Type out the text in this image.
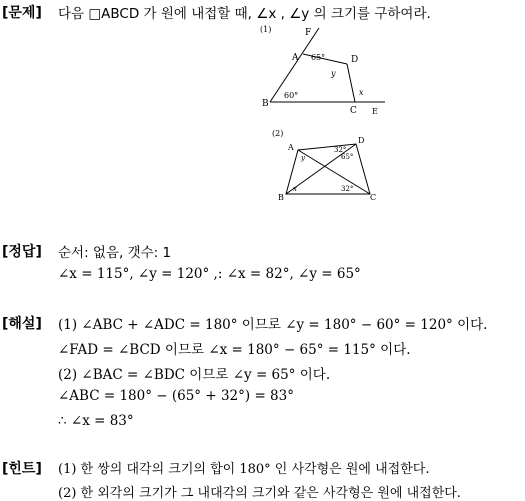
[문제] 다음 □ABCD 가 원에 내접할 때, ∠x , ∠y 의 크기를 구하여라.
(1)	F
A	D
B
C E
65°
60°
y
x
(2)
A
D
B	C
32°
65°
32°
y
x
[정답] 순서: 없음, 갯수: 1
∠x = 115°, ∠y = 120° ,: ∠x = 82°, ∠y = 65°
[해설] (1) ∠ABC + ∠ADC = 180° 이므로 ∠y = 180° − 60° = 120° 이다.
∠FAD = ∠BCD 이므로 ∠x = 180° − 65° = 115° 이다.
(2) ∠BAC = ∠BDC 이므로 ∠y = 65° 이다.
∠ABC = 180° − (65° + 32°) = 83°
∴ ∠x = 83°
[힌트] (1) 한 쌍의 대각의 크기의 합이 180° 인 사각형은 원에 내접한다.
(2) 한 외각의 크기가 그 내대각의 크기와 같은 사각형은 원에 내접한다.
